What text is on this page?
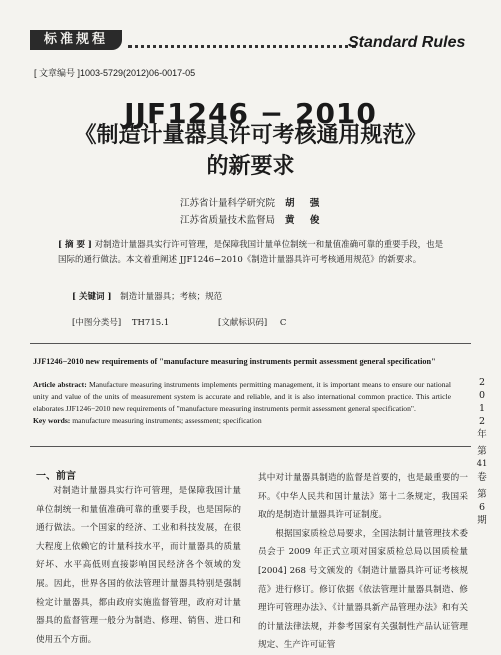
标准规程	Standard Rules
[ 文章编号 ]1003-5729(2012)06-0017-05
JJF1246 − 2010
《制造计量器具许可考核通用规范》
的新要求
江苏省计量科学研究院 胡 强
江苏省质量技术监督局 黄 俊
[ 摘 要 ] 对制造计量器具实行许可管理，是保障我国计量单位制统一和量值准确可靠的重要手段，也是国际的通行做法。本文着重阐述 JJF1246−2010《制造计量器具许可考核通用规范》的新要求。
[ 关键词 ] 制造计量器具；考核；规范
[中图分类号] TH715.1	[文献标识码] C
JJF1246−2010 new requirements of "manufacture measuring instruments permit assessment general specification"
Article abstract: Manufacture measuring instruments implements permitting management, it is important means to ensure our national unity and value of the units of measurement system is accurate and reliable, and it is also international common practice. This article elaborates JJF1246−2010 new requirements of "manufacture measuring instruments permit assessment general specification".
Key words: manufacture measuring instruments; assessment; specification
2
0
1
2
年
第
41
卷
第
6
期
一、前言
对制造计量器具实行许可管理，是保障我国计量单位制统一和量值准确可靠的重要手段，也是国际的通行做法。一个国家的经济、工业和科技发展，在很大程度上依赖它的计量科技水平，而计量器具的质量好坏、水平高低则直接影响国民经济各个领域的发展。因此，世界各国的依法管理计量器具特别是强制检定计量器具，都由政府实施监督管理，政府对计量器具的监督管理一般分为制造、修理、销售、进口和使用五个方面。

其中对计量器具制造的监督是首要的，也是最重要的一环。《中华人民共和国计量法》第十二条规定，我国采取的是制造计量器具许可证制度。

根据国家质检总局要求，全国法制计量管理技术委员会于 2009 年正式立项对国家质检总局以国质检量 [2004] 268 号文颁发的《制造计量器具许可证考核规范》进行修订。修订依据《依法管理计量器具制造、修理许可管理办法》、《计量器具新产品管理办法》和有关的计量法律法规，并参考国家有关强制性产品认证管理规定、生产许可证管
